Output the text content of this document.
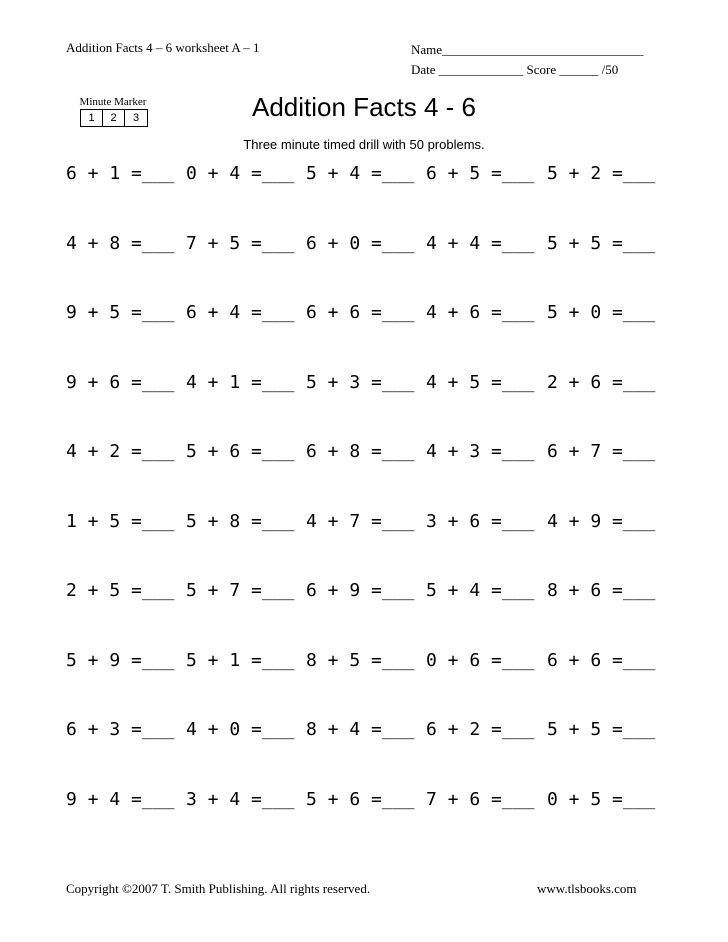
Addition Facts 4 – 6 worksheet A – 1	Name_______________________________
Date _____________ Score ______ /50
Minute Marker
1	2	3	Addition Facts 4 - 6
Three minute timed drill with 50 problems.
6 + 1 =___ 0 + 4 =___ 5 + 4 =___ 6 + 5 =___ 5 + 2 =___
4 + 8 =___ 7 + 5 =___ 6 + 0 =___ 4 + 4 =___ 5 + 5 =___
9 + 5 =___ 6 + 4 =___ 6 + 6 =___ 4 + 6 =___ 5 + 0 =___
9 + 6 =___ 4 + 1 =___ 5 + 3 =___ 4 + 5 =___ 2 + 6 =___
4 + 2 =___ 5 + 6 =___ 6 + 8 =___ 4 + 3 =___ 6 + 7 =___
1 + 5 =___ 5 + 8 =___ 4 + 7 =___ 3 + 6 =___ 4 + 9 =___
2 + 5 =___ 5 + 7 =___ 6 + 9 =___ 5 + 4 =___ 8 + 6 =___
5 + 9 =___ 5 + 1 =___ 8 + 5 =___ 0 + 6 =___ 6 + 6 =___
6 + 3 =___ 4 + 0 =___ 8 + 4 =___ 6 + 2 =___ 5 + 5 =___
9 + 4 =___ 3 + 4 =___ 5 + 6 =___ 7 + 6 =___ 0 + 5 =___
Copyright ©2007 T. Smith Publishing. All rights reserved.	www.tlsbooks.com
